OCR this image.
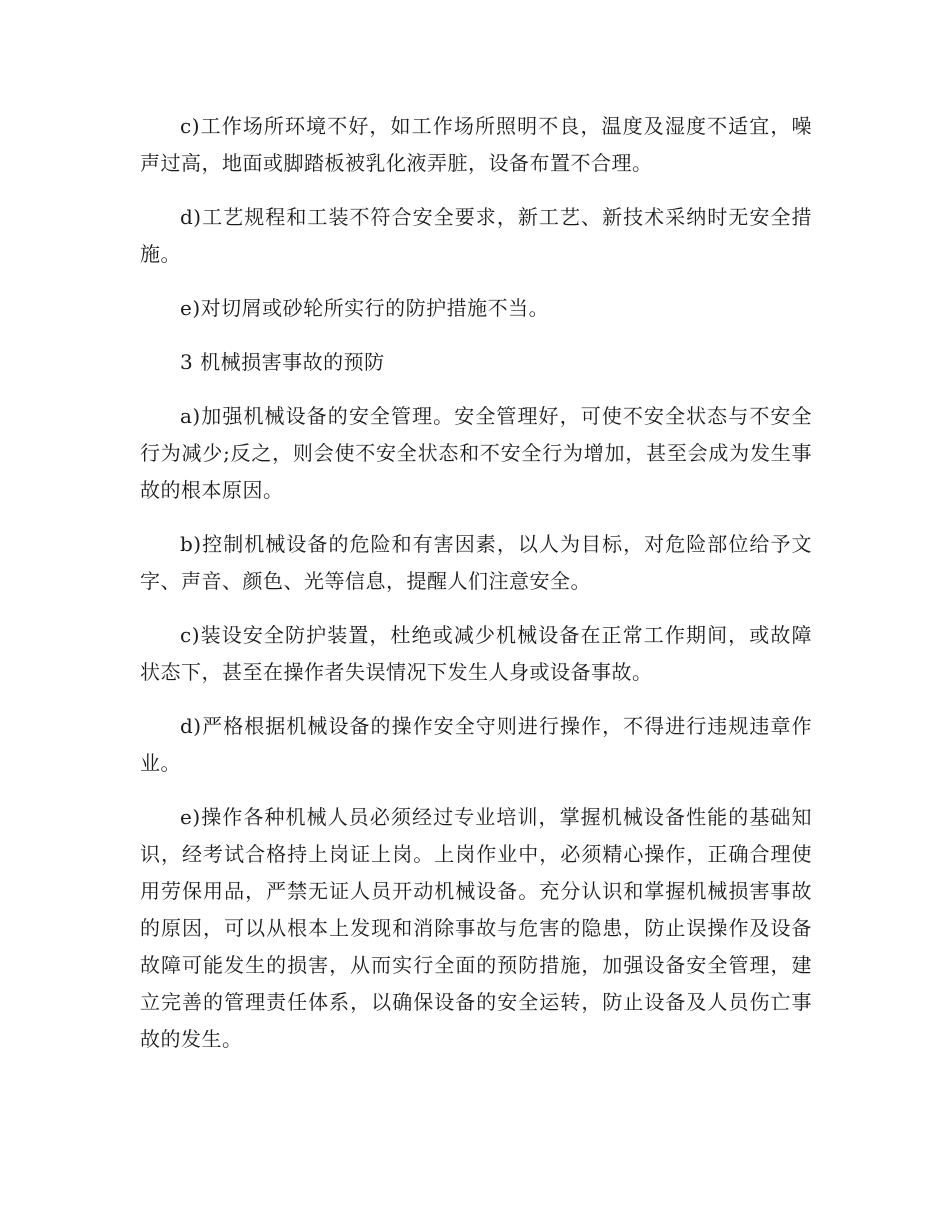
c)工作场所环境不好，如工作场所照明不良，温度及湿度不适宜，噪声过高，地面或脚踏板被乳化液弄脏，设备布置不合理。

d)工艺规程和工装不符合安全要求，新工艺、新技术采纳时无安全措施。

e)对切屑或砂轮所实行的防护措施不当。

3 机械损害事故的预防

a)加强机械设备的安全管理。安全管理好，可使不安全状态与不安全行为减少;反之，则会使不安全状态和不安全行为增加，甚至会成为发生事故的根本原因。

b)控制机械设备的危险和有害因素，以人为目标，对危险部位给予文字、声音、颜色、光等信息，提醒人们注意安全。

c)装设安全防护装置，杜绝或减少机械设备在正常工作期间，或故障状态下，甚至在操作者失误情况下发生人身或设备事故。

d)严格根据机械设备的操作安全守则进行操作，不得进行违规违章作业。

e)操作各种机械人员必须经过专业培训，掌握机械设备性能的基础知识，经考试合格持上岗证上岗。上岗作业中，必须精心操作，正确合理使用劳保用品，严禁无证人员开动机械设备。充分认识和掌握机械损害事故的原因，可以从根本上发现和消除事故与危害的隐患，防止误操作及设备故障可能发生的损害，从而实行全面的预防措施，加强设备安全管理，建立完善的管理责任体系，以确保设备的安全运转，防止设备及人员伤亡事故的发生。
